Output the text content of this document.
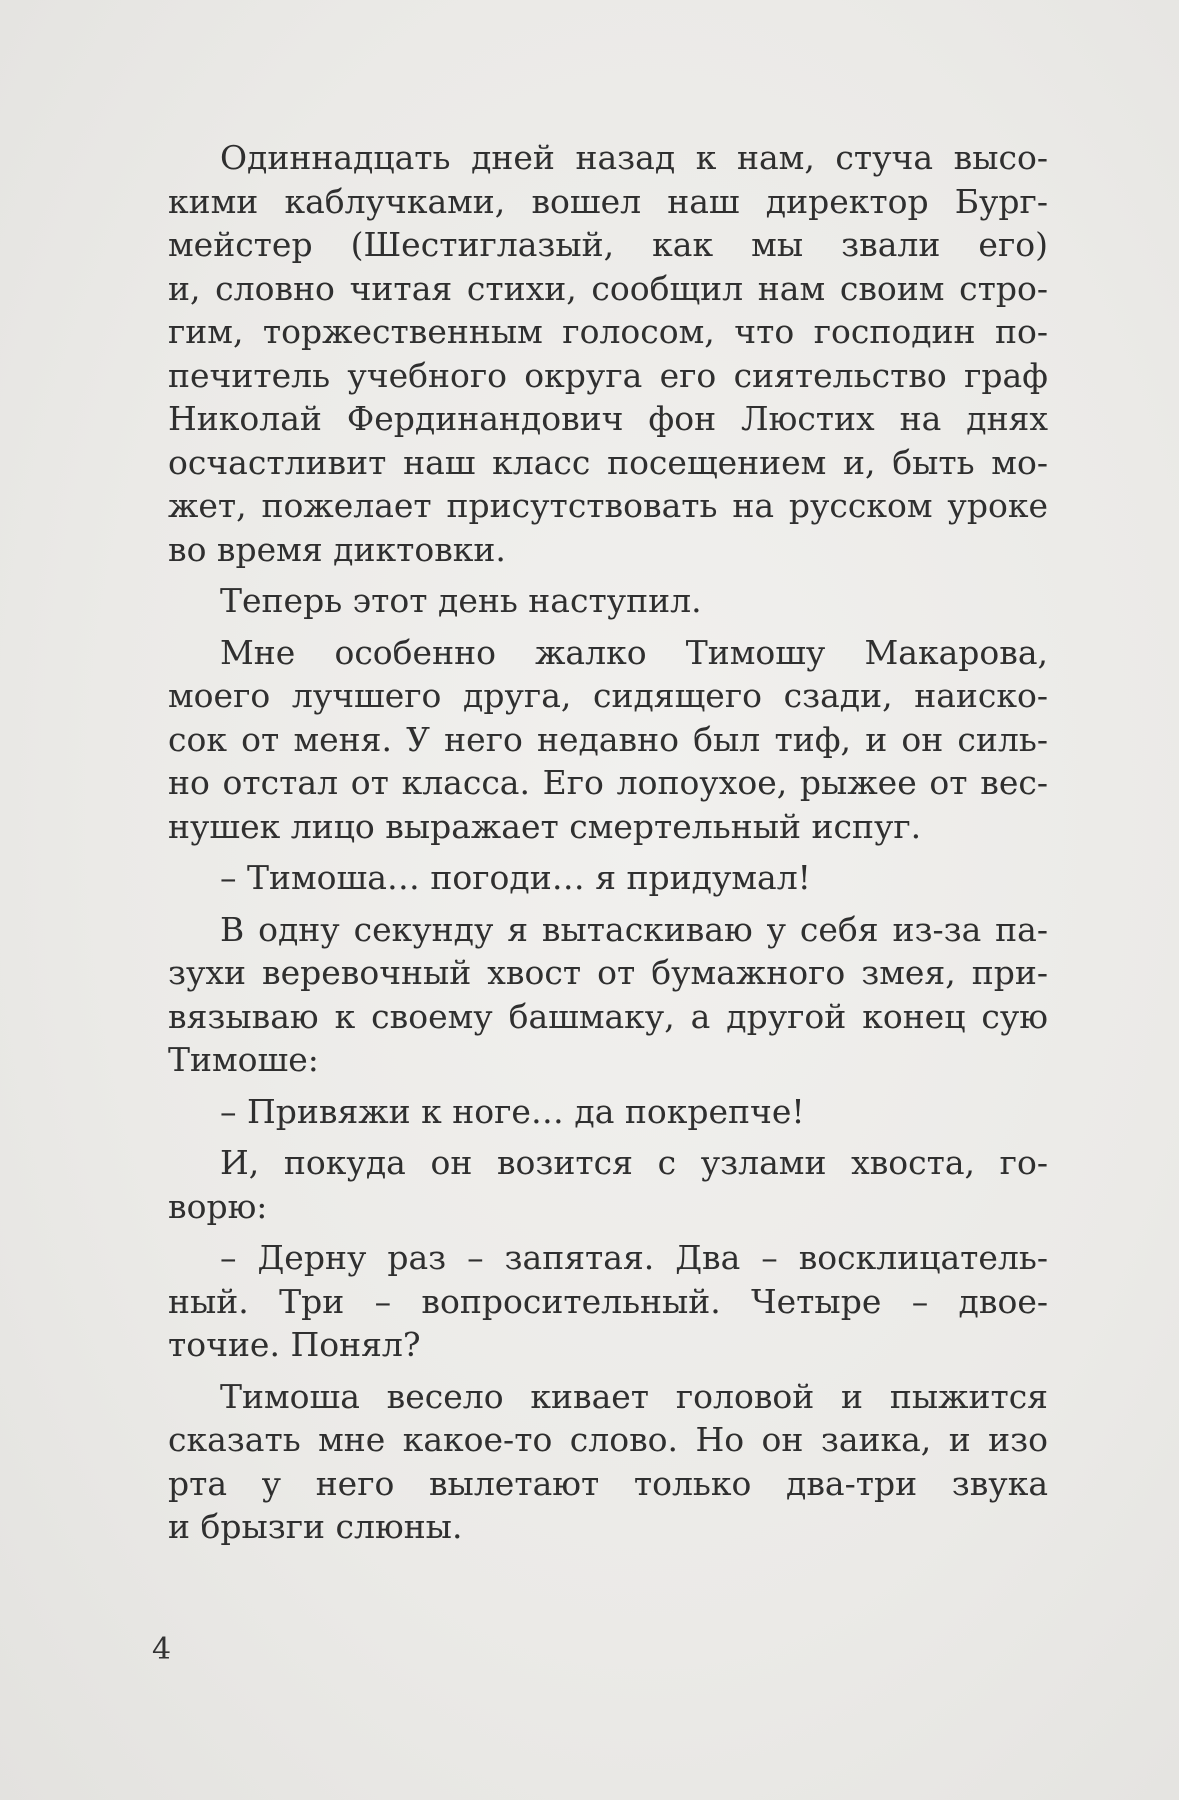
Одиннадцать дней назад к нам, стуча высо-
кими каблучками, вошел наш директор Бург-
мейстер (Шестиглазый, как мы звали его)
и, словно читая стихи, сообщил нам своим стро-
гим, торжественным голосом, что господин по-
печитель учебного округа его сиятельство граф
Николай Фердинандович фон Люстих на днях
осчастливит наш класс посещением и, быть мо-
жет, пожелает присутствовать на русском уроке
во время диктовки.

Теперь этот день наступил.

Мне особенно жалко Тимошу Макарова,
моего лучшего друга, сидящего сзади, наиско-
сок от меня. У него недавно был тиф, и он силь-
но отстал от класса. Его лопоухое, рыжее от вес-
нушек лицо выражает смертельный испуг.

– Тимоша… погоди… я придумал!

В одну секунду я вытаскиваю у себя из-за па-
зухи веревочный хвост от бумажного змея, при-
вязываю к своему башмаку, а другой конец сую
Тимоше:

– Привяжи к ноге… да покрепче!

И, покуда он возится с узлами хвоста, го-
ворю:

– Дерну раз – запятая. Два – восклицатель-
ный. Три – вопросительный. Четыре – двое-
точие. Понял?

Тимоша весело кивает головой и пыжится
сказать мне какое-то слово. Но он заика, и изо
рта у него вылетают только два-три звука
и брызги слюны.

4
